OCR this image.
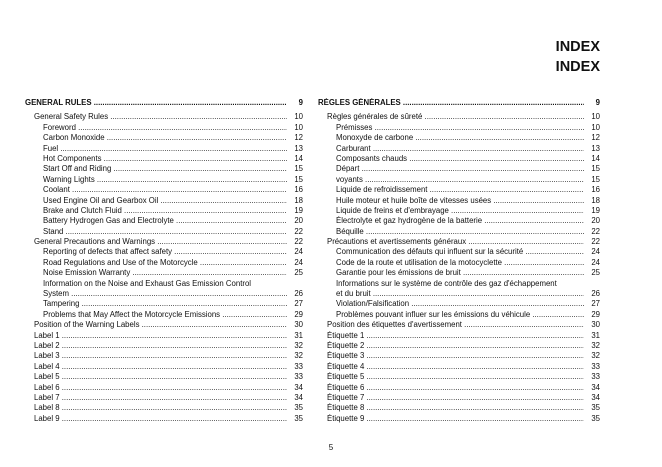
INDEX
INDEX
GENERAL RULES .....	9
General Safety Rules .....	10
Foreword .....	10
Carbon Monoxide .....	12
Fuel .....	13
Hot Components .....	14
Start Off and Riding .....	15
Warning Lights .....	15
Coolant .....	16
Used Engine Oil and Gearbox Oil .....	18
Brake and Clutch Fluid .....	19
Battery Hydrogen Gas and Electrolyte .....	20
Stand .....	22
General Precautions and Warnings .....	22
Reporting of defects that affect safety .....	24
Road Regulations and Use of the Motorcycle .....	24
Noise Emission Warranty .....	25
Information on the Noise and Exhaust Gas Emission Control
System .....	26
Tampering .....	27
Problems that May Affect the Motorcycle Emissions .....	29
Position of the Warning Labels .....	30
Label 1 .....	31
Label 2 .....	32
Label 3 .....	32
Label 4 .....	33
Label 5 .....	33
Label 6 .....	34
Label 7 .....	34
Label 8 .....	35
Label 9 .....	35
RÈGLES GÉNÉRALES .....	9
Règles générales de sûreté .....	10
Prémisses .....	10
Monoxyde de carbone .....	12
Carburant .....	13
Composants chauds .....	14
Départ .....	15
voyants .....	15
Liquide de refroidissement .....	16
Huile moteur et huile boîte de vitesses usées .....	18
Liquide de freins et d'embrayage .....	19
Électrolyte et gaz hydrogène de la batterie .....	20
Béquille .....	22
Précautions et avertissements généraux .....	22
Communication des défauts qui influent sur la sécurité .....	24
Code de la route et utilisation de la motocyclette .....	24
Garantie pour les émissions de bruit .....	25
Informations sur le système de contrôle des gaz d'échappement
et du bruit .....	26
Violation/Falsification .....	27
Problèmes pouvant influer sur les émissions du véhicule .....	29
Position des étiquettes d'avertissement .....	30
Étiquette 1 .....	31
Étiquette 2 .....	32
Étiquette 3 .....	32
Étiquette 4 .....	33
Étiquette 5 .....	33
Étiquette 6 .....	34
Étiquette 7 .....	34
Étiquette 8 .....	35
Étiquette 9 .....	35
5
